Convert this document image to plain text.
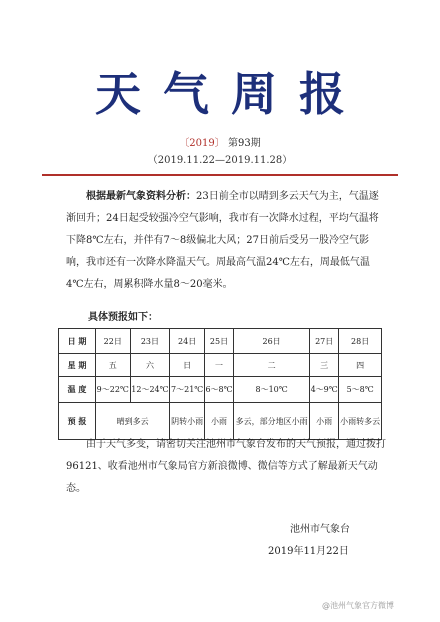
天气周报
〔2019〕 第93期
（2019.11.22—2019.11.28）
根据最新气象资料分析：23日前全市以晴到多云天气为主，气温逐渐回升；24日起受较强冷空气影响，我市有一次降水过程，平均气温将下降8℃左右，并伴有7～8级偏北大风；27日前后受另一股冷空气影响，我市还有一次降水降温天气。周最高气温24℃左右，周最低气温4℃左右，周累积降水量8～20毫米。
具体预报如下：
日 期	22日	23日	24日	25日	26日	27日	28日
星 期	五	六	日	一	二	三	四
温 度	9～22℃	12～24℃	7～21℃	6～8℃	8～10℃	4～9℃	5～8℃
预 报	晴到多云		阴转小雨	小雨	多云，部分地区小雨	小雨	小雨转多云
由于天气多变，请密切关注池州市气象台发布的天气预报，通过拨打96121、收看池州市气象局官方新浪微博、微信等方式了解最新天气动态。
池州市气象台
2019年11月22日
@池州气象官方微博
